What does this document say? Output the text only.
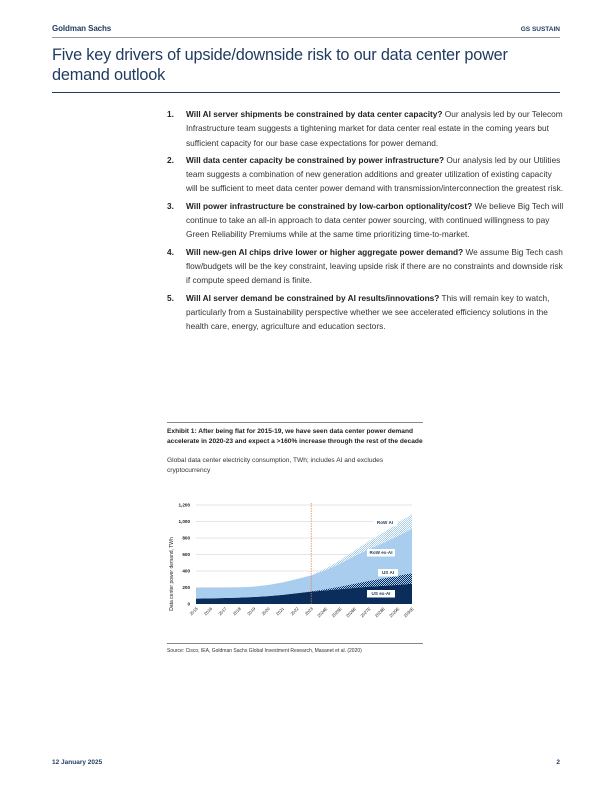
Goldman Sachs	GS SUSTAIN
Five key drivers of upside/downside risk to our data center power demand outlook
1. Will AI server shipments be constrained by data center capacity? Our analysis led by our Telecom Infrastructure team suggests a tightening market for data center real estate in the coming years but sufficient capacity for our base case expectations for power demand.
2. Will data center capacity be constrained by power infrastructure? Our analysis led by our Utilities team suggests a combination of new generation additions and greater utilization of existing capacity will be sufficient to meet data center power demand with transmission/interconnection the greatest risk.
3. Will power infrastructure be constrained by low-carbon optionality/cost? We believe Big Tech will continue to take an all-in approach to data center power sourcing, with continued willingness to pay Green Reliability Premiums while at the same time prioritizing time-to-market.
4. Will new-gen AI chips drive lower or higher aggregate power demand? We assume Big Tech cash flow/budgets will be the key constraint, leaving upside risk if there are no constraints and downside risk if compute speed demand is finite.
5. Will AI server demand be constrained by AI results/innovations? This will remain key to watch, particularly from a Sustainability perspective whether we see accelerated efficiency solutions in the health care, energy, agriculture and education sectors.
Exhibit 1: After being flat for 2015-19, we have seen data center power demand accelerate in 2020-23 and expect a >160% increase through the rest of the decade
Global data center electricity consumption, TWh; includes AI and excludes cryptocurrency
0
200
400
600
800
1,000
1,200
2015 2016 2017 2018 2019 2020 2021 2022 2023 2024E 2025E 2026E 2027E 2028E 2029E 2030E
RoW AI
RoW ex-AI
US AI
US ex-AI
Data center power demand, TWh
Source: Cisco, IEA, Goldman Sachs Global Investment Research, Masanet et al. (2020)
12 January 2025	2
